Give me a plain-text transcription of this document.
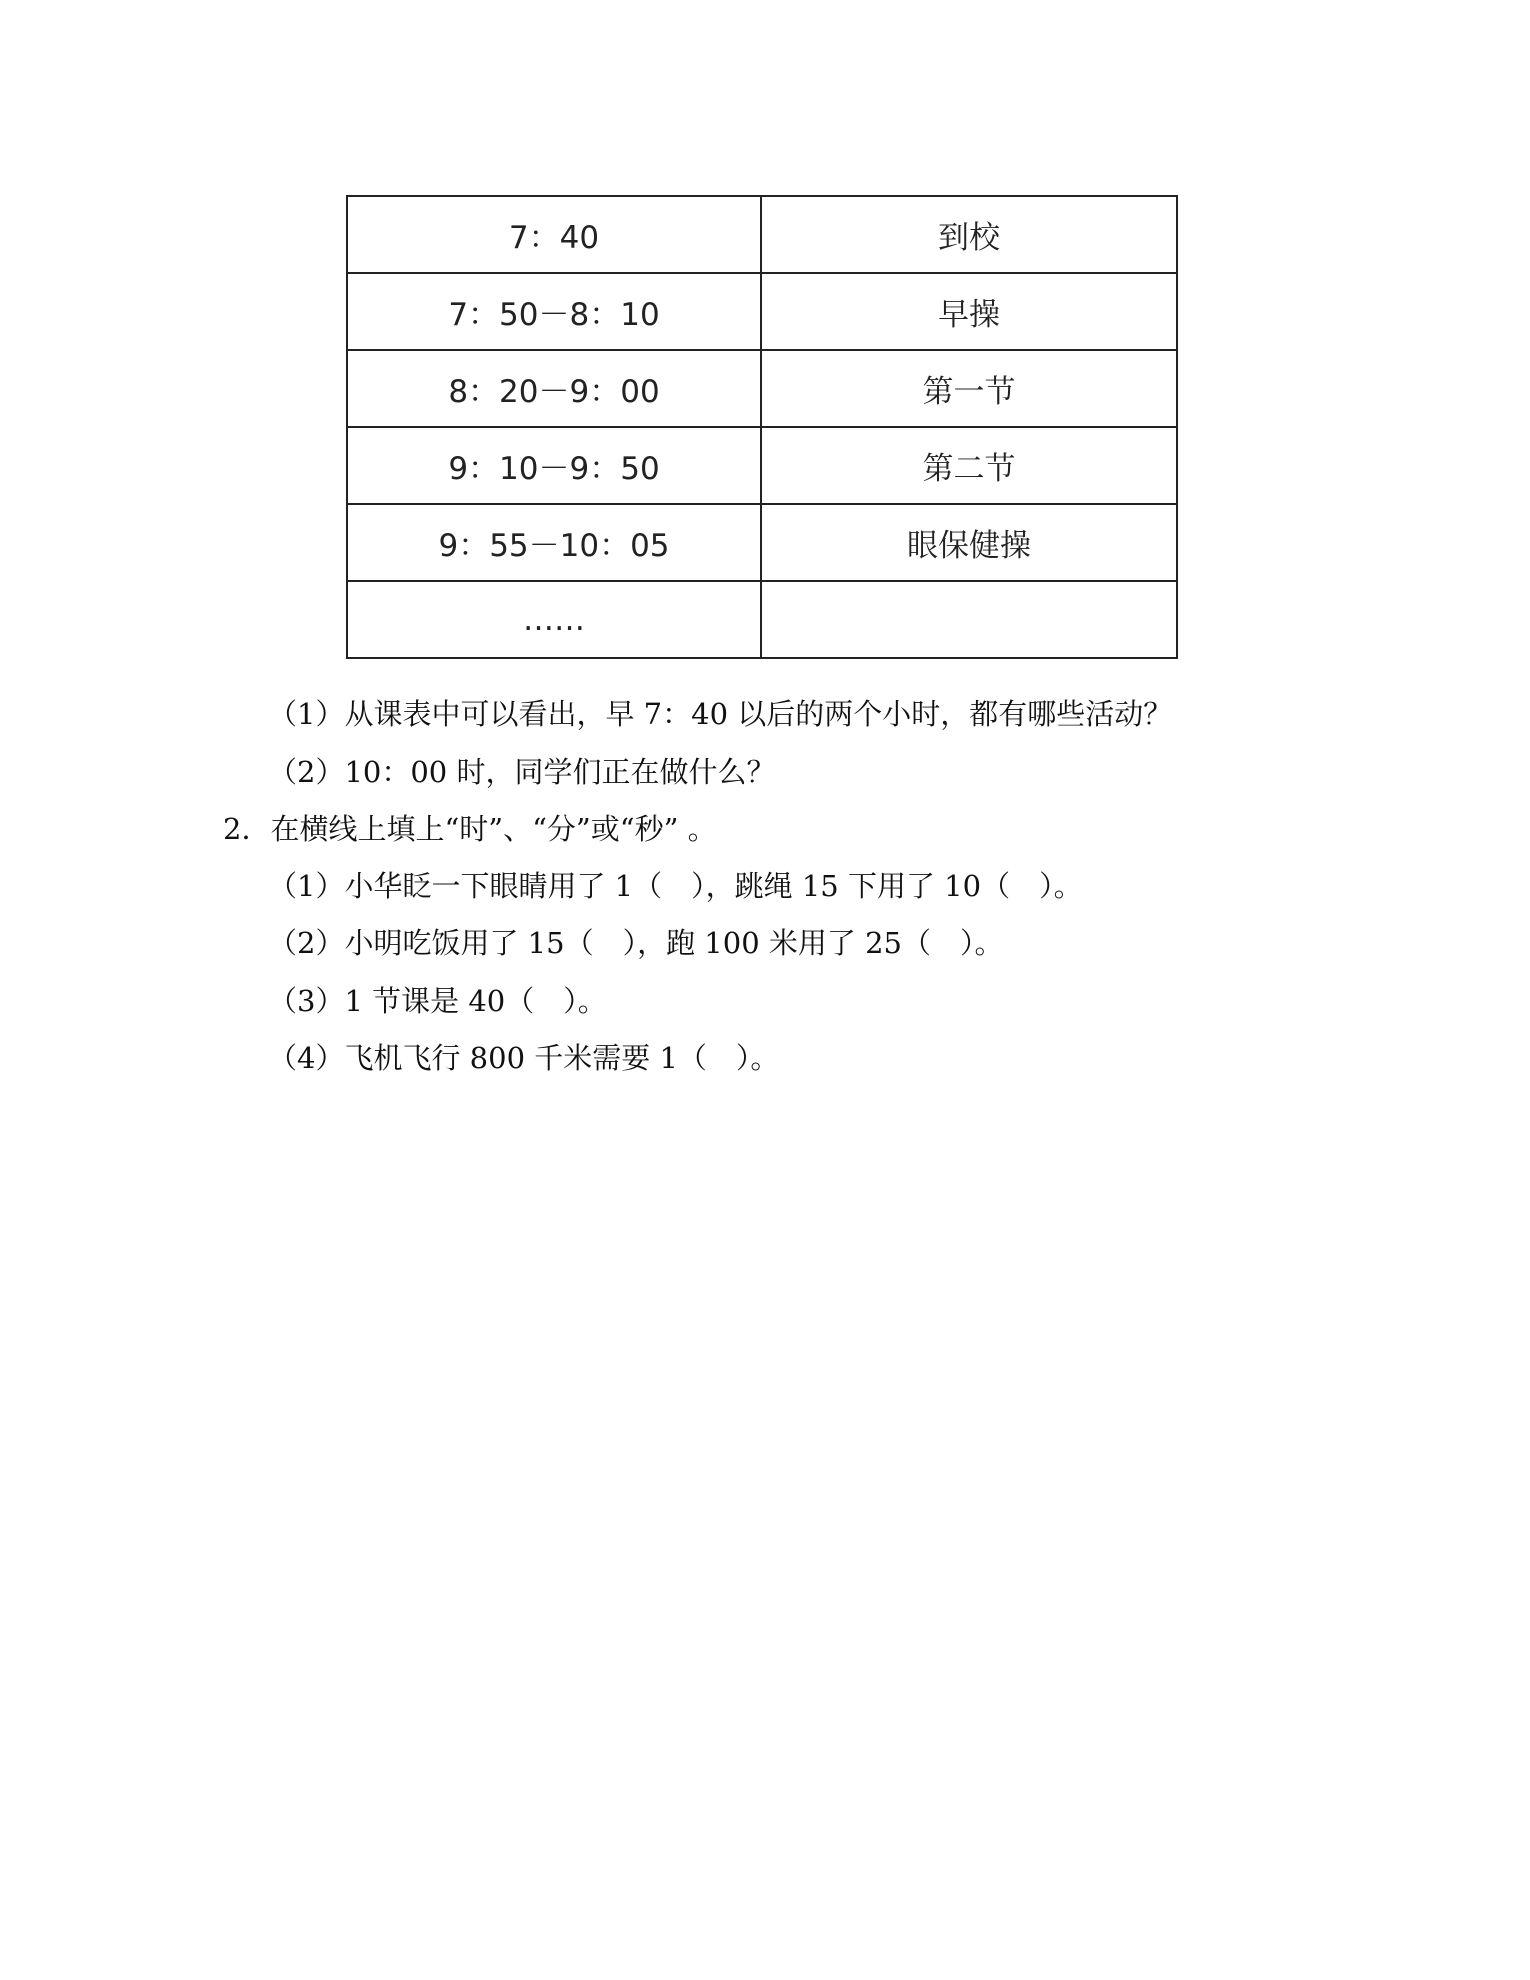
7：40	到校
7：50－8：10	早操
8：20－9：00	第一节
9：10－9：50	第二节
9：55－10：05	眼保健操
……	
（1）从课表中可以看出，早 7：40 以后的两个小时，都有哪些活动？
（2）10：00 时，同学们正在做什么？
2．在横线上填上“时”、“分”或“秒” 。
（1）小华眨一下眼睛用了 1（　），跳绳 15 下用了 10（　）。
（2）小明吃饭用了 15（　），跑 100 米用了 25（　）。
（3）1 节课是 40（　）。
（4）飞机飞行 800 千米需要 1（　）。
